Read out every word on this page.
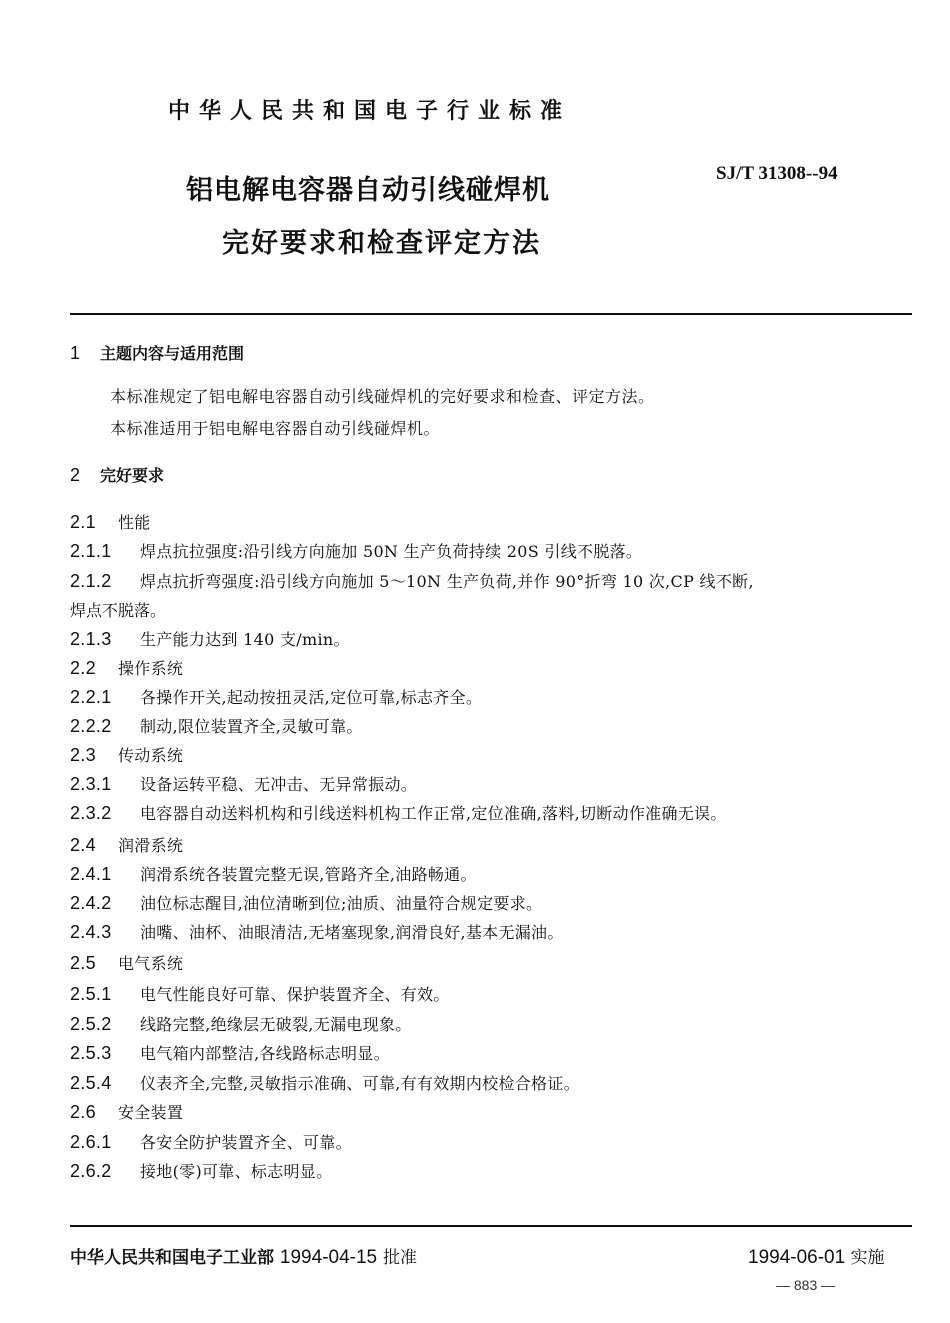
中华人民共和国电子行业标准
SJ/T 31308--94
铝电解电容器自动引线碰焊机
完好要求和检查评定方法
1 主题内容与适用范围
本标准规定了铝电解电容器自动引线碰焊机的完好要求和检查、评定方法。
本标准适用于铝电解电容器自动引线碰焊机。
2 完好要求
2.1 性能
2.1.1 焊点抗拉强度:沿引线方向施加 50N 生产负荷持续 20S 引线不脱落。
2.1.2 焊点抗折弯强度:沿引线方向施加 5～10N 生产负荷,并作 90°折弯 10 次,CP 线不断,
焊点不脱落。
2.1.3 生产能力达到 140 支/min。
2.2 操作系统
2.2.1 各操作开关,起动按扭灵活,定位可靠,标志齐全。
2.2.2 制动,限位装置齐全,灵敏可靠。
2.3 传动系统
2.3.1 设备运转平稳、无冲击、无异常振动。
2.3.2 电容器自动送料机构和引线送料机构工作正常,定位准确,落料,切断动作准确无误。
2.4 润滑系统
2.4.1 润滑系统各装置完整无误,管路齐全,油路畅通。
2.4.2 油位标志醒目,油位清晰到位;油质、油量符合规定要求。
2.4.3 油嘴、油杯、油眼清洁,无堵塞现象,润滑良好,基本无漏油。
2.5 电气系统
2.5.1 电气性能良好可靠、保护装置齐全、有效。
2.5.2 线路完整,绝缘层无破裂,无漏电现象。
2.5.3 电气箱内部整洁,各线路标志明显。
2.5.4 仪表齐全,完整,灵敏指示准确、可靠,有有效期内校检合格证。
2.6 安全装置
2.6.1 各安全防护装置齐全、可靠。
2.6.2 接地(零)可靠、标志明显。
中华人民共和国电子工业部 1994-04-15 批准	1994-06-01 实施
— 883 —
